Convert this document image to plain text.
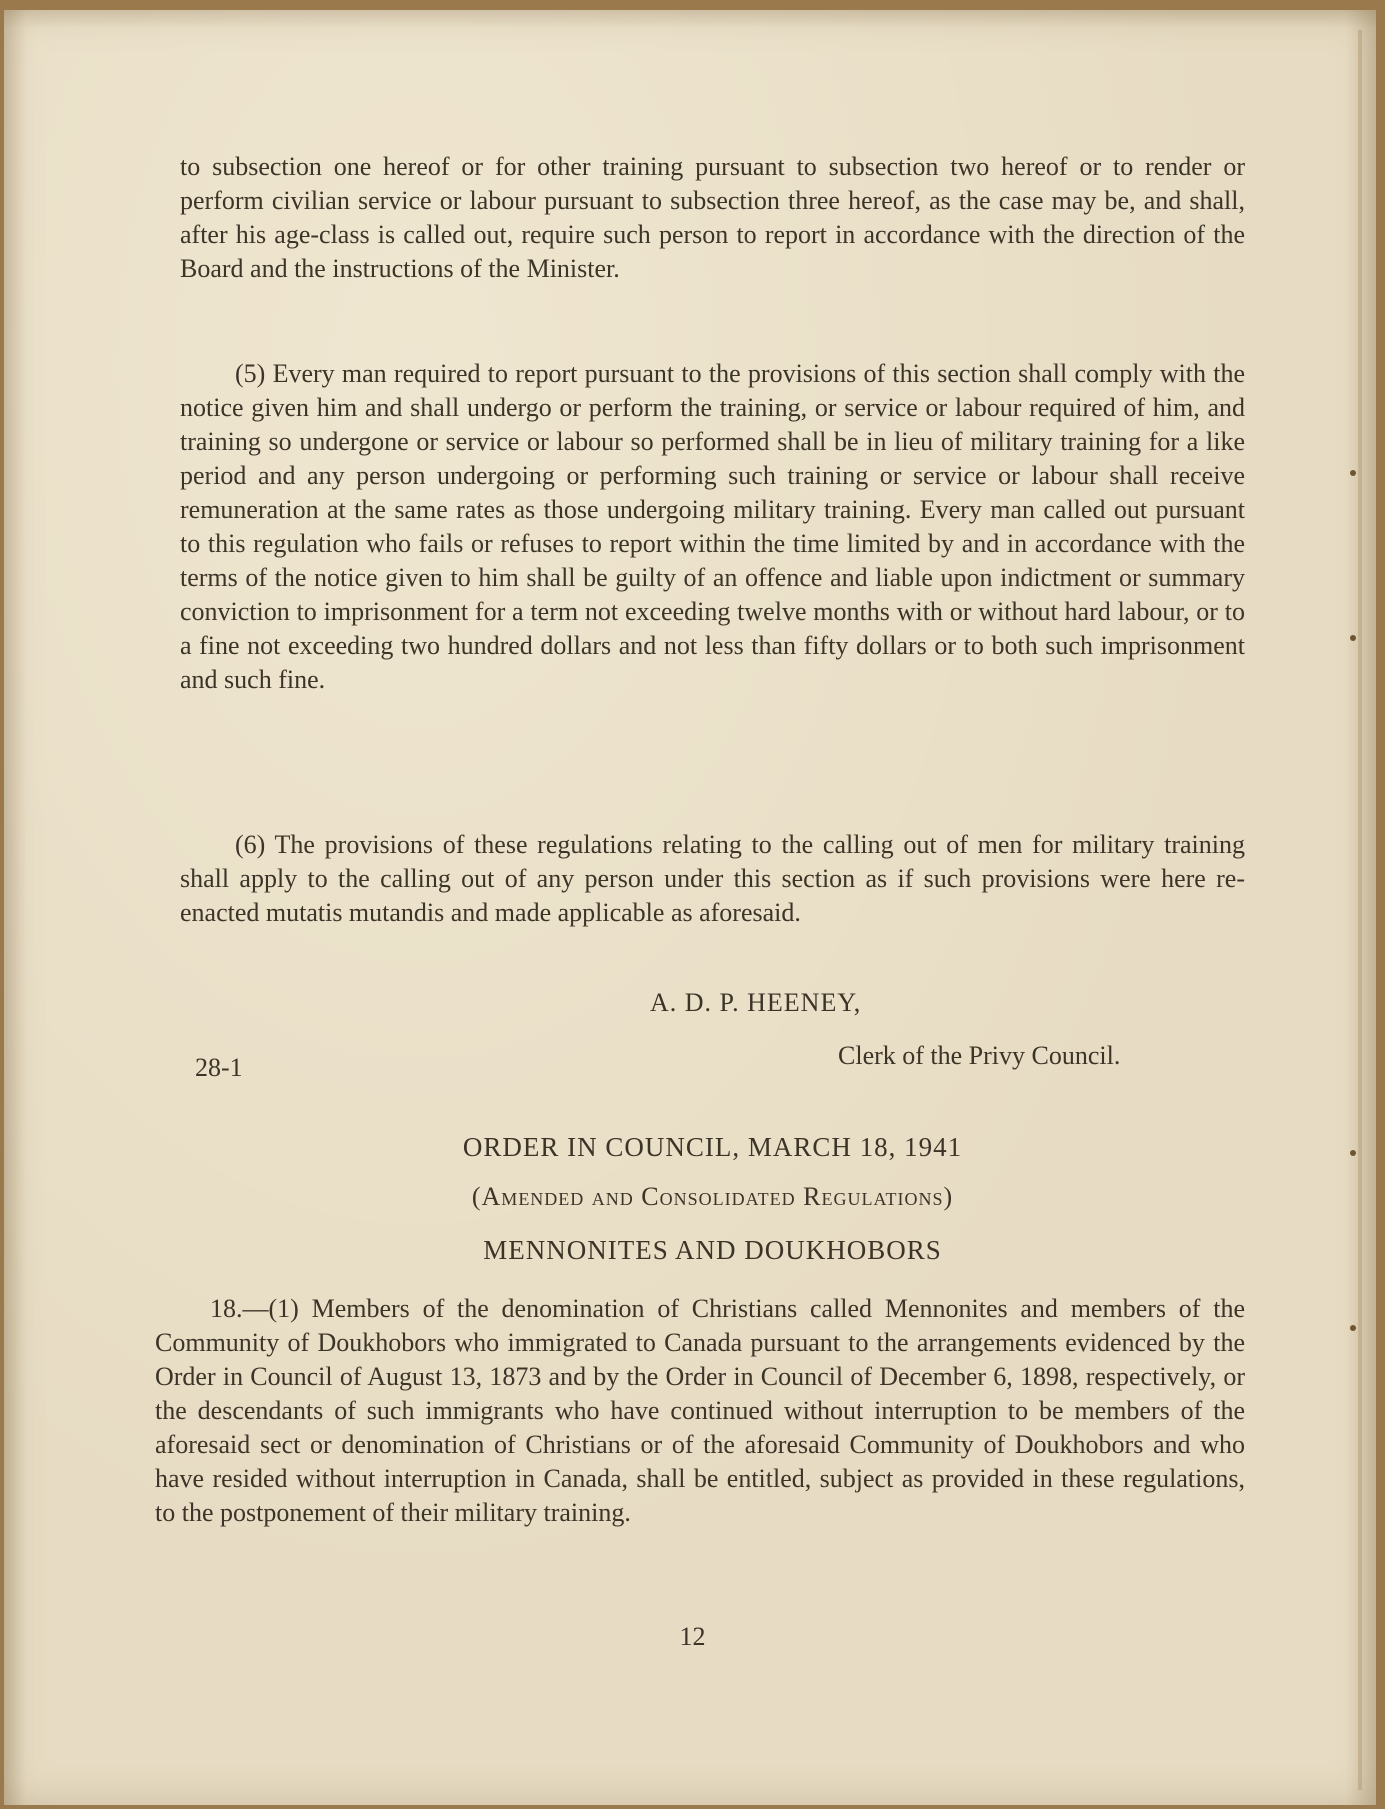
to subsection one hereof or for other training pursuant to subsection two hereof or to render or perform civilian service or labour pursuant to subsection three hereof, as the case may be, and shall, after his age-class is called out, require such person to report in accordance with the direction of the Board and the instructions of the Minister.

(5) Every man required to report pursuant to the provisions of this section shall comply with the notice given him and shall undergo or perform the training, or service or labour required of him, and training so undergone or service or labour so performed shall be in lieu of military training for a like period and any person undergoing or performing such training or service or labour shall receive remuneration at the same rates as those undergoing military training. Every man called out pursuant to this regulation who fails or refuses to report within the time limited by and in accordance with the terms of the notice given to him shall be guilty of an offence and liable upon indictment or summary conviction to imprisonment for a term not exceeding twelve months with or without hard labour, or to a fine not exceeding two hundred dollars and not less than fifty dollars or to both such imprisonment and such fine.

(6) The provisions of these regulations relating to the calling out of men for military training shall apply to the calling out of any person under this section as if such provisions were here re-enacted mutatis mutandis and made applicable as aforesaid.

A. D. P. HEENEY,
28-1	Clerk of the Privy Council.
ORDER IN COUNCIL, MARCH 18, 1941
(Amended and Consolidated Regulations)
MENNONITES AND DOUKHOBORS

18.—(1) Members of the denomination of Christians called Mennonites and members of the Community of Doukhobors who immigrated to Canada pursuant to the arrangements evidenced by the Order in Council of August 13, 1873 and by the Order in Council of December 6, 1898, respectively, or the descendants of such immigrants who have continued without interruption to be members of the aforesaid sect or denomination of Christians or of the aforesaid Community of Doukhobors and who have resided without interruption in Canada, shall be entitled, subject as provided in these regulations, to the postponement of their military training.

12
